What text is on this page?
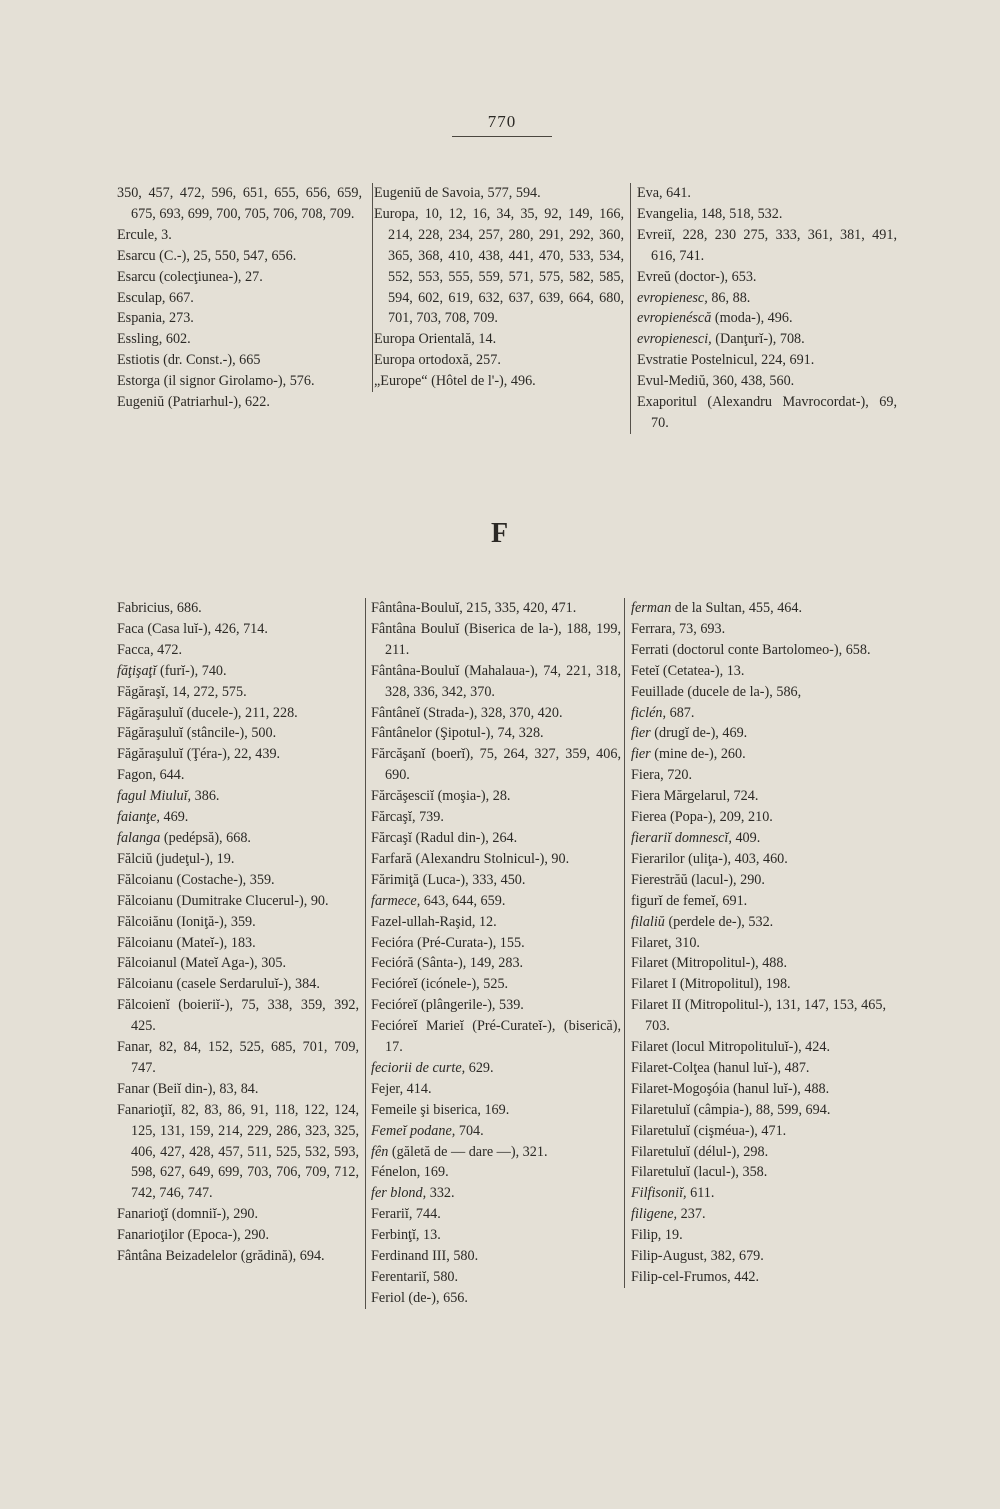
770

350, 457, 472, 596, 651, 655, 656, 659, 675, 693, 699, 700, 705, 706, 708, 709.

Ercule, 3.

Esarcu (C.-), 25, 550, 547, 656.

Esarcu (colecţiunea-), 27.

Esculap, 667.

Espania, 273.

Essling, 602.

Estiotis (dr. Const.-), 665

Estorga (il signor Girolamo-), 576.

Eugeniŭ (Patriarhul-), 622.

Eugeniŭ de Savoia, 577, 594.

Europa, 10, 12, 16, 34, 35, 92, 149, 166, 214, 228, 234, 257, 280, 291, 292, 360, 365, 368, 410, 438, 441, 470, 533, 534, 552, 553, 555, 559, 571, 575, 582, 585, 594, 602, 619, 632, 637, 639, 664, 680, 701, 703, 708, 709.

Europa Orientală, 14.

Europa ortodoxă, 257.

„Europe“ (Hôtel de l'-), 496.

Eva, 641.

Evangelia, 148, 518, 532.

Evreiĭ, 228, 230 275, 333, 361, 381, 491, 616, 741.

Evreŭ (doctor-), 653.

evropienesc, 86, 88.

evropienéscă (moda-), 496.

evropienesci, (Danţurĭ-), 708.

Evstratie Postelnicul, 224, 691.

Evul-Mediŭ, 360, 438, 560.

Exaporitul (Alexandru Mavrocordat-), 69, 70.

F

Fabricius, 686.

Faca (Casa luĭ-), 426, 714.

Facca, 472.

făţişaţĭ (furĭ-), 740.

Făgăraşĭ, 14, 272, 575.

Făgăraşuluĭ (ducele-), 211, 228.

Făgăraşuluĭ (stâncile-), 500.

Făgăraşuluĭ (Ţéra-), 22, 439.

Fagon, 644.

fagul Miuluĭ, 386.

faianţe, 469.

falanga (pedépsă), 668.

Fălciŭ (judeţul-), 19.

Fălcoianu (Costache-), 359.

Fălcoianu (Dumitrake Clucerul-), 90.

Fălcoiănu (Ioniţă-), 359.

Fălcoianu (Mateĭ-), 183.

Fălcoianul (Mateĭ Aga-), 305.

Fălcoianu (casele Serdaruluĭ-), 384.

Fălcoienĭ (boieriĭ-), 75, 338, 359, 392, 425.

Fanar, 82, 84, 152, 525, 685, 701, 709, 747.

Fanar (Beiĭ din-), 83, 84.

Fanarioţiĭ, 82, 83, 86, 91, 118, 122, 124, 125, 131, 159, 214, 229, 286, 323, 325, 406, 427, 428, 457, 511, 525, 532, 593, 598, 627, 649, 699, 703, 706, 709, 712, 742, 746, 747.

Fanarioţĭ (domniĭ-), 290.

Fanarioţilor (Epoca-), 290.

Fântâna Beizadelelor (grădină), 694.

Fântâna-Bouluĭ, 215, 335, 420, 471.

Fântâna Bouluĭ (Biserica de la-), 188, 199, 211.

Fântâna-Bouluĭ (Mahalaua-), 74, 221, 318, 328, 336, 342, 370.

Fântâneĭ (Strada-), 328, 370, 420.

Fântânelor (Şipotul-), 74, 328.

Fărcăşanĭ (boerĭ), 75, 264, 327, 359, 406, 690.

Fărcăşesciĭ (moşia-), 28.

Fărcaşĭ, 739.

Fărcaşĭ (Radul din-), 264.

Farfară (Alexandru Stolnicul-), 90.

Fărimiţă (Luca-), 333, 450.

farmece, 643, 644, 659.

Fazel-ullah-Raşid, 12.

Fecióra (Pré-Curata-), 155.

Fecióră (Sânta-), 149, 283.

Fecióreĭ (icónele-), 525.

Fecióreĭ (plângerile-), 539.

Fecióreĭ Marieĭ (Pré-Curateĭ-), (biserică), 17.

feciorii de curte, 629.

Fejer, 414.

Femeile şi biserica, 169.

Femeĭ podane, 704.

fên (găletă de — dare —), 321.

Fénelon, 169.

fer blond, 332.

Ferariĭ, 744.

Ferbinţĭ, 13.

Ferdinand III, 580.

Ferentariĭ, 580.

Feriol (de-), 656.

ferman de la Sultan, 455, 464.

Ferrara, 73, 693.

Ferrati (doctorul conte Bartolomeo-), 658.

Feteĭ (Cetatea-), 13.

Feuillade (ducele de la-), 586,

ficlén, 687.

fier (drugĭ de-), 469.

fier (mine de-), 260.

Fiera, 720.

Fiera Mărgelarul, 724.

Fierea (Popa-), 209, 210.

fierariĭ domnescĭ, 409.

Fierarilor (uliţa-), 403, 460.

Fierestrăŭ (lacul-), 290.

figurĭ de femeĭ, 691.

filaliŭ (perdele de-), 532.

Filaret, 310.

Filaret (Mitropolitul-), 488.

Filaret I (Mitropolitul), 198.

Filaret II (Mitropolitul-), 131, 147, 153, 465, 703.

Filaret (loсul Mitropolituluĭ-), 424.

Filaret-Colţea (hanul luĭ-), 487.

Filaret-Mogoşóia (hanul luĭ-), 488.

Filaretuluĭ (câmpia-), 88, 599, 694.

Filaretuluĭ (cişméua-), 471.

Filaretuluĭ (délul-), 298.

Filaretuluĭ (lacul-), 358.

Filfisoniĭ, 611.

filigene, 237.

Filip, 19.

Filip-August, 382, 679.

Filip-cel-Frumos, 442.
